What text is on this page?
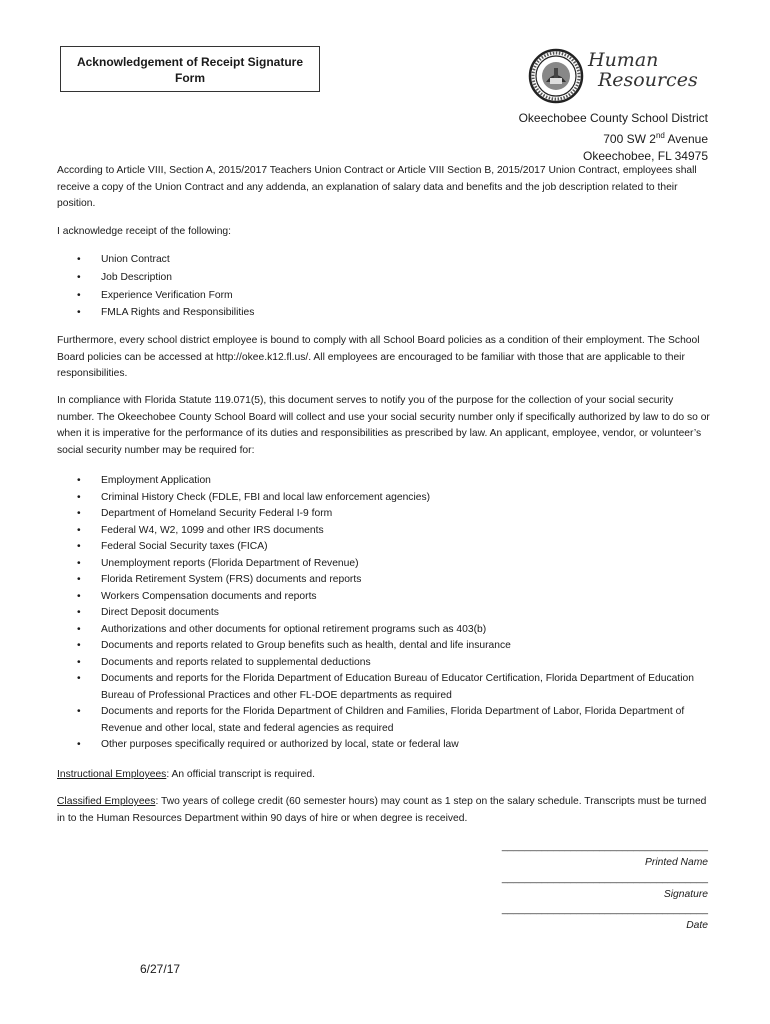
Acknowledgement of Receipt Signature
Form
Human
Resources
Okeechobee County School District
700 SW 2nd Avenue
Okeechobee, FL 34975
According to Article VIII, Section A, 2015/2017 Teachers Union Contract or Article VIII Section B, 2015/2017 Union Contract, employees shall receive a copy of the Union Contract and any addenda, an explanation of salary data and benefits and the job description related to their position.
I acknowledge receipt of the following:
• Union Contract
• Job Description
• Experience Verification Form
• FMLA Rights and Responsibilities
Furthermore, every school district employee is bound to comply with all School Board policies as a condition of their employment. The School Board policies can be accessed at http://okee.k12.fl.us/. All employees are encouraged to be familiar with those that are applicable to their responsibilities.
In compliance with Florida Statute 119.071(5), this document serves to notify you of the purpose for the collection of your social security number. The Okeechobee County School Board will collect and use your social security number only if specifically authorized by law to do so or when it is imperative for the performance of its duties and responsibilities as prescribed by law. An applicant, employee, vendor, or volunteer’s social security number may be required for:
• Employment Application
• Criminal History Check (FDLE, FBI and local law enforcement agencies)
• Department of Homeland Security Federal I-9 form
• Federal W4, W2, 1099 and other IRS documents
• Federal Social Security taxes (FICA)
• Unemployment reports (Florida Department of Revenue)
• Florida Retirement System (FRS) documents and reports
• Workers Compensation documents and reports
• Direct Deposit documents
• Authorizations and other documents for optional retirement programs such as 403(b)
• Documents and reports related to Group benefits such as health, dental and life insurance
• Documents and reports related to supplemental deductions
• Documents and reports for the Florida Department of Education Bureau of Educator Certification, Florida Department of Education Bureau of Professional Practices and other FL-DOE departments as required
• Documents and reports for the Florida Department of Children and Families, Florida Department of Labor, Florida Department of Revenue and other local, state and federal agencies as required
• Other purposes specifically required or authorized by local, state or federal law
Instructional Employees: An official transcript is required.
Classified Employees: Two years of college credit (60 semester hours) may count as 1 step on the salary schedule. Transcripts must be turned in to the Human Resources Department within 90 days of hire or when degree is received.
____________________________________
Printed Name
____________________________________
Signature
____________________________________
Date
6/27/17
